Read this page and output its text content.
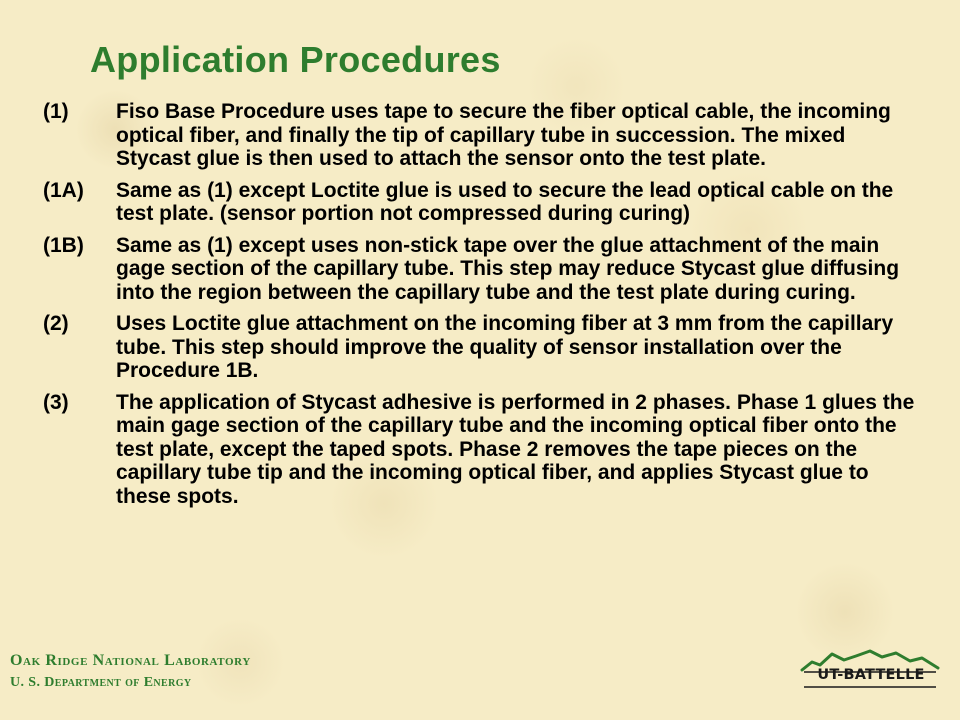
Application Procedures
(1)	Fiso Base Procedure uses tape to secure the fiber optical cable, the incoming optical fiber, and finally the tip of capillary tube in succession. The mixed Stycast glue is then used to attach the sensor onto the test plate.
(1A)	Same as (1) except Loctite glue is used to secure the lead optical cable on the test plate. (sensor portion not compressed during curing)
(1B)	Same as (1) except uses non-stick tape over the glue attachment of the main gage section of the capillary tube. This step may reduce Stycast glue diffusing into the region between the capillary tube and the test plate during curing.
(2)	Uses Loctite glue attachment on the incoming fiber at 3 mm from the capillary tube. This step should improve the quality of sensor installation over the Procedure 1B.
(3)	The application of Stycast adhesive is performed in 2 phases. Phase 1 glues the main gage section of the capillary tube and the incoming optical fiber onto the test plate, except the taped spots. Phase 2 removes the tape pieces on the capillary tube tip and the incoming optical fiber, and applies Stycast glue to these spots.
Oak Ridge National Laboratory
U. S. Department of Energy	UT-BATTELLE
